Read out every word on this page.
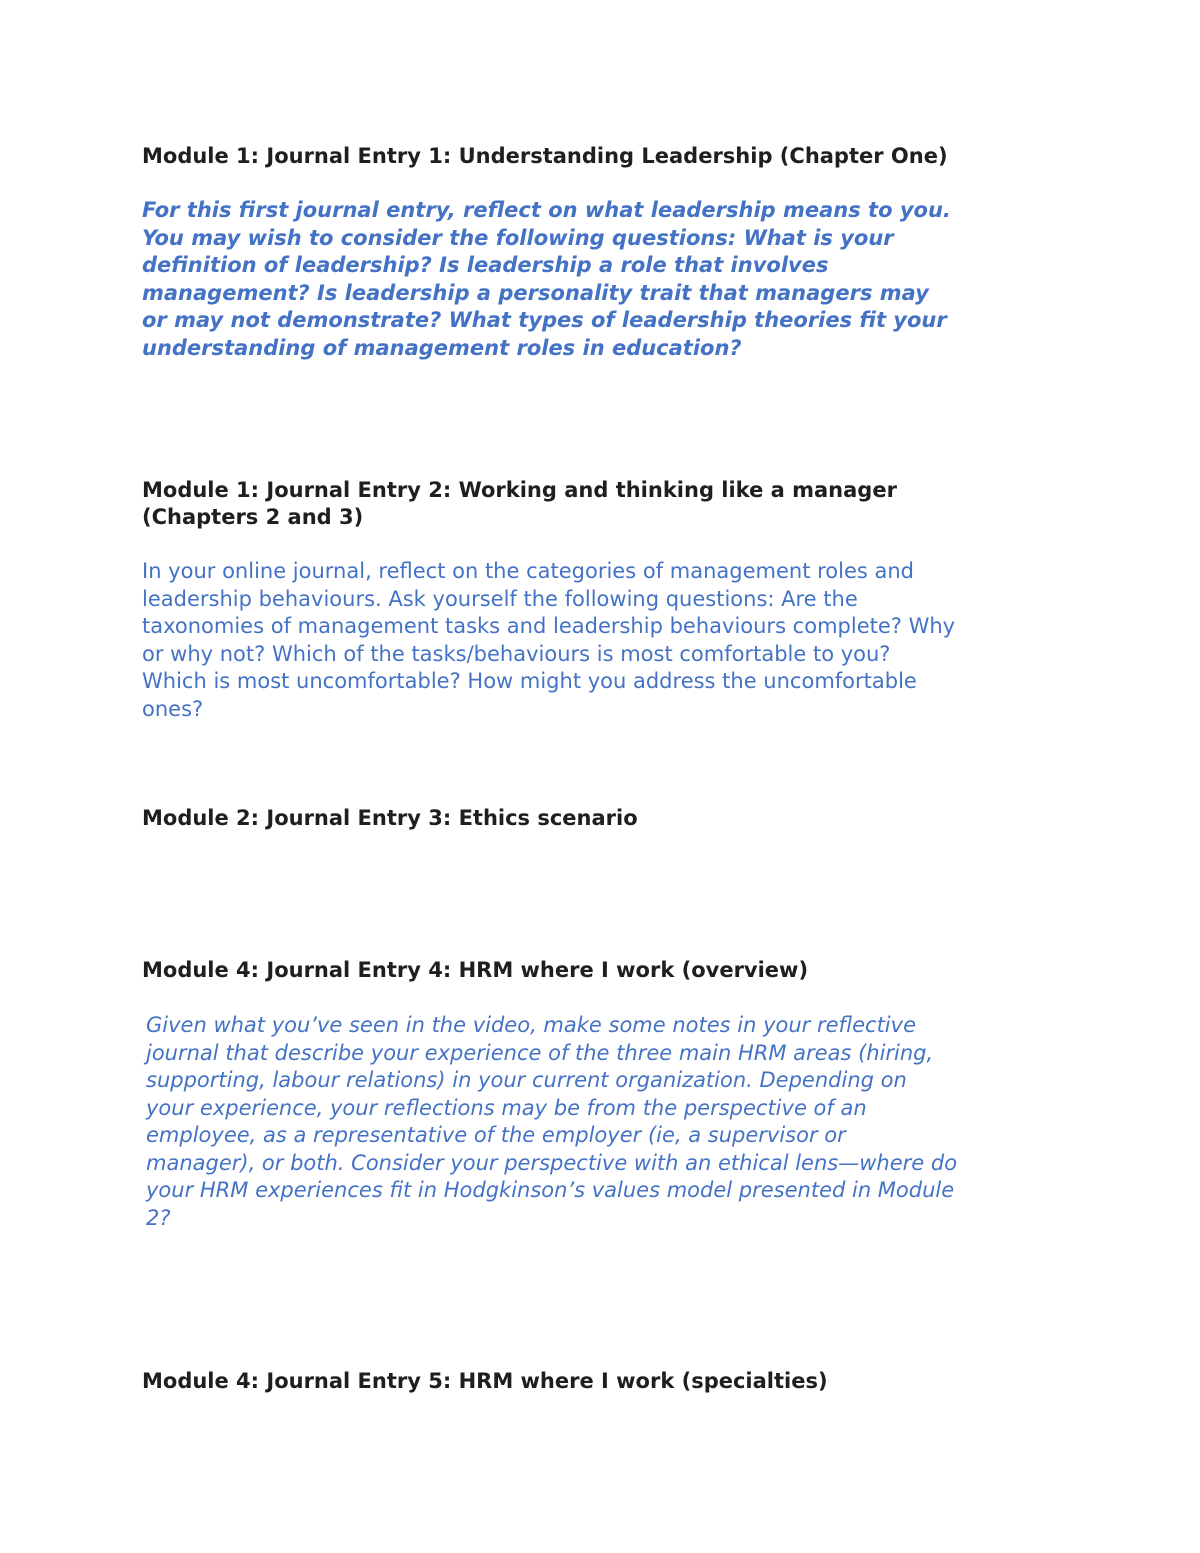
Module 1: Journal Entry 1: Understanding Leadership (Chapter One)

For this first journal entry, reflect on what leadership means to you.
You may wish to consider the following questions: What is your
definition of leadership? Is leadership a role that involves
management? Is leadership a personality trait that managers may
or may not demonstrate? What types of leadership theories fit your
understanding of management roles in education?

Module 1: Journal Entry 2: Working and thinking like a manager
(Chapters 2 and 3)

In your online journal, reflect on the categories of management roles and
leadership behaviours. Ask yourself the following questions: Are the
taxonomies of management tasks and leadership behaviours complete? Why
or why not? Which of the tasks/behaviours is most comfortable to you?
Which is most uncomfortable? How might you address the uncomfortable
ones?

Module 2: Journal Entry 3: Ethics scenario
Module 4: Journal Entry 4: HRM where I work (overview)

Given what you’ve seen in the video, make some notes in your reflective
journal that describe your experience of the three main HRM areas (hiring,
supporting, labour relations) in your current organization. Depending on
your experience, your reflections may be from the perspective of an
employee, as a representative of the employer (ie, a supervisor or
manager), or both. Consider your perspective with an ethical lens—where do
your HRM experiences fit in Hodgkinson’s values model presented in Module
2?

Module 4: Journal Entry 5: HRM where I work (specialties)
